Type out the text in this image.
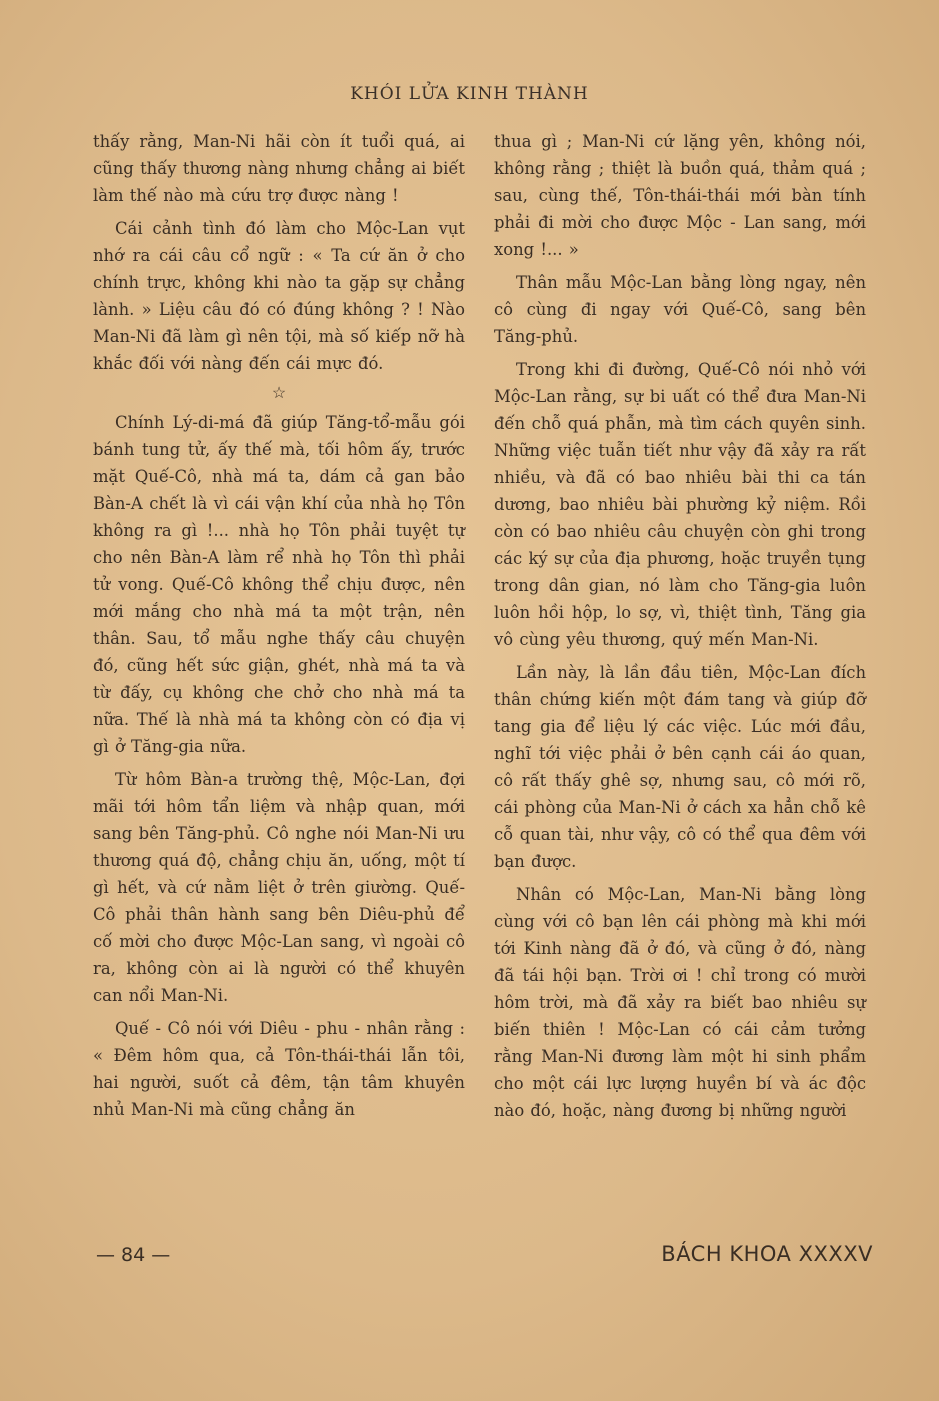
KHÓI LỬA KINH THÀNH

thấy rằng, Man-Ni hãi còn ít tuổi quá, ai cũng thấy thương nàng nhưng chẳng ai biết làm thế nào mà cứu trợ được nàng !

Cái cảnh tình đó làm cho Mộc-Lan vụt nhớ ra cái câu cổ ngữ : « Ta cứ ăn ở cho chính trực, không khi nào ta gặp sự chẳng lành. » Liệu câu đó có đúng không ? ! Nào Man-Ni đã làm gì nên tội, mà số kiếp nỡ hà khắc đối với nàng đến cái mực đó.

☆

Chính Lý-di-má đã giúp Tăng-tổ-mẫu gói bánh tung tử, ấy thế mà, tối hôm ấy, trước mặt Quế-Cô, nhà má ta, dám cả gan bảo Bàn-A chết là vì cái vận khí của nhà họ Tôn không ra gì !... nhà họ Tôn phải tuyệt tự cho nên Bàn-A làm rể nhà họ Tôn thì phải tử vong. Quế-Cô không thể chịu được, nên mới mắng cho nhà má ta một trận, nên thân. Sau, tổ mẫu nghe thấy câu chuyện đó, cũng hết sức giận, ghét, nhà má ta và từ đấy, cụ không che chở cho nhà má ta nữa. Thế là nhà má ta không còn có địa vị gì ở Tăng-gia nữa.

Từ hôm Bàn-a trường thệ, Mộc-Lan, đợi mãi tới hôm tẩn liệm và nhập quan, mới sang bên Tăng-phủ. Cô nghe nói Man-Ni ưu thương quá độ, chẳng chịu ăn, uống, một tí gì hết, và cứ nằm liệt ở trên giường. Quế-Cô phải thân hành sang bên Diêu-phủ để cố mời cho được Mộc-Lan sang, vì ngoài cô ra, không còn ai là người có thể khuyên can nổi Man-Ni.

Quế - Cô nói với Diêu - phu - nhân rằng : « Đêm hôm qua, cả Tôn-thái-thái lẫn tôi, hai người, suốt cả đêm, tận tâm khuyên nhủ Man-Ni mà cũng chẳng ăn

thua gì ; Man-Ni cứ lặng yên, không nói, không rằng ; thiệt là buồn quá, thảm quá ; sau, cùng thế, Tôn-thái-thái mới bàn tính phải đi mời cho được Mộc - Lan sang, mới xong !... »

Thân mẫu Mộc-Lan bằng lòng ngay, nên cô cùng đi ngay với Quế-Cô, sang bên Tăng-phủ.

Trong khi đi đường, Quế-Cô nói nhỏ với Mộc-Lan rằng, sự bi uất có thể đưa Man-Ni đến chỗ quá phẫn, mà tìm cách quyên sinh. Những việc tuẫn tiết như vậy đã xảy ra rất nhiều, và đã có bao nhiêu bài thi ca tán dương, bao nhiêu bài phường kỷ niệm. Rồi còn có bao nhiêu câu chuyện còn ghi trong các ký sự của địa phương, hoặc truyền tụng trong dân gian, nó làm cho Tăng-gia luôn luôn hồi hộp, lo sợ, vì, thiệt tình, Tăng gia vô cùng yêu thương, quý mến Man-Ni.

Lần này, là lần đầu tiên, Mộc-Lan đích thân chứng kiến một đám tang và giúp đỡ tang gia để liệu lý các việc. Lúc mới đầu, nghĩ tới việc phải ở bên cạnh cái áo quan, cô rất thấy ghê sợ, nhưng sau, cô mới rõ, cái phòng của Man-Ni ở cách xa hẳn chỗ kê cỗ quan tài, như vậy, cô có thể qua đêm với bạn được.

Nhân có Mộc-Lan, Man-Ni bằng lòng cùng với cô bạn lên cái phòng mà khi mới tới Kinh nàng đã ở đó, và cũng ở đó, nàng đã tái hội bạn. Trời ơi ! chỉ trong có mười hôm trời, mà đã xảy ra biết bao nhiêu sự biến thiên ! Mộc-Lan có cái cảm tưởng rằng Man-Ni đương làm một hi sinh phẩm cho một cái lực lượng huyền bí và ác độc nào đó, hoặc, nàng đương bị những người

— 84 —	BÁCH KHOA XXXXV
